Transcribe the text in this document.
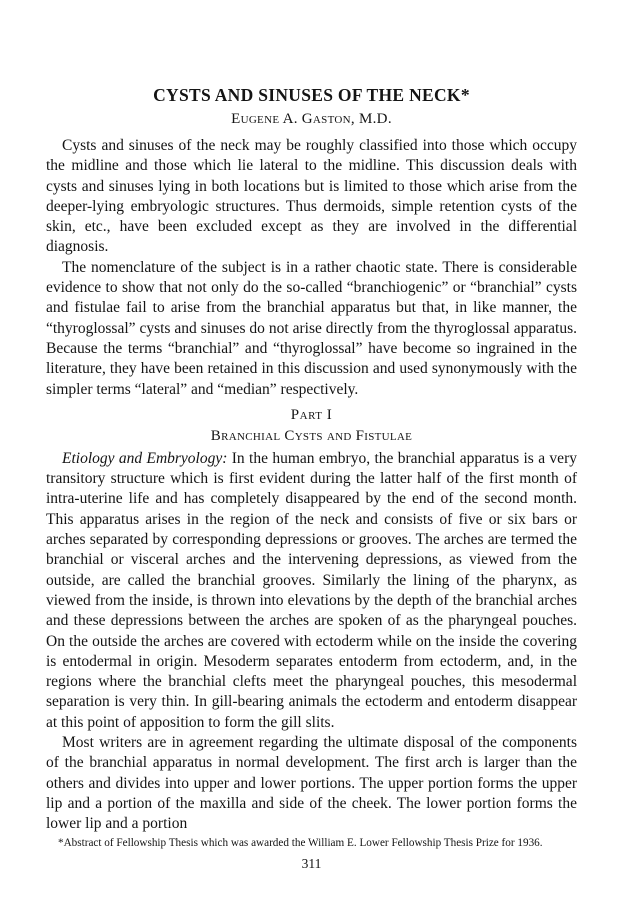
CYSTS AND SINUSES OF THE NECK*
Eugene A. Gaston, M.D.

Cysts and sinuses of the neck may be roughly classified into those which occupy the midline and those which lie lateral to the midline. This discussion deals with cysts and sinuses lying in both locations but is limited to those which arise from the deeper-lying embryologic structures. Thus dermoids, simple retention cysts of the skin, etc., have been excluded except as they are involved in the differential diagnosis.

The nomenclature of the subject is in a rather chaotic state. There is considerable evidence to show that not only do the so-called “branchiogenic” or “branchial” cysts and fistulae fail to arise from the branchial apparatus but that, in like manner, the “thyroglossal” cysts and sinuses do not arise directly from the thyroglossal apparatus. Because the terms “branchial” and “thyroglossal” have become so ingrained in the literature, they have been retained in this discussion and used synonymously with the simpler terms “lateral” and “median” respectively.

Part I
Branchial Cysts and Fistulae

Etiology and Embryology: In the human embryo, the branchial apparatus is a very transitory structure which is first evident during the latter half of the first month of intra-uterine life and has completely disappeared by the end of the second month. This apparatus arises in the region of the neck and consists of five or six bars or arches separated by corresponding depressions or grooves. The arches are termed the branchial or visceral arches and the intervening depressions, as viewed from the outside, are called the branchial grooves. Similarly the lining of the pharynx, as viewed from the inside, is thrown into elevations by the depth of the branchial arches and these depressions between the arches are spoken of as the pharyngeal pouches. On the outside the arches are covered with ectoderm while on the inside the covering is entodermal in origin. Mesoderm separates entoderm from ectoderm, and, in the regions where the branchial clefts meet the pharyngeal pouches, this mesodermal separation is very thin. In gill-bearing animals the ectoderm and entoderm disappear at this point of apposition to form the gill slits.

Most writers are in agreement regarding the ultimate disposal of the components of the branchial apparatus in normal development. The first arch is larger than the others and divides into upper and lower portions. The upper portion forms the upper lip and a portion of the maxilla and side of the cheek. The lower portion forms the lower lip and a portion

*Abstract of Fellowship Thesis which was awarded the William E. Lower Fellowship Thesis Prize for 1936.
311
